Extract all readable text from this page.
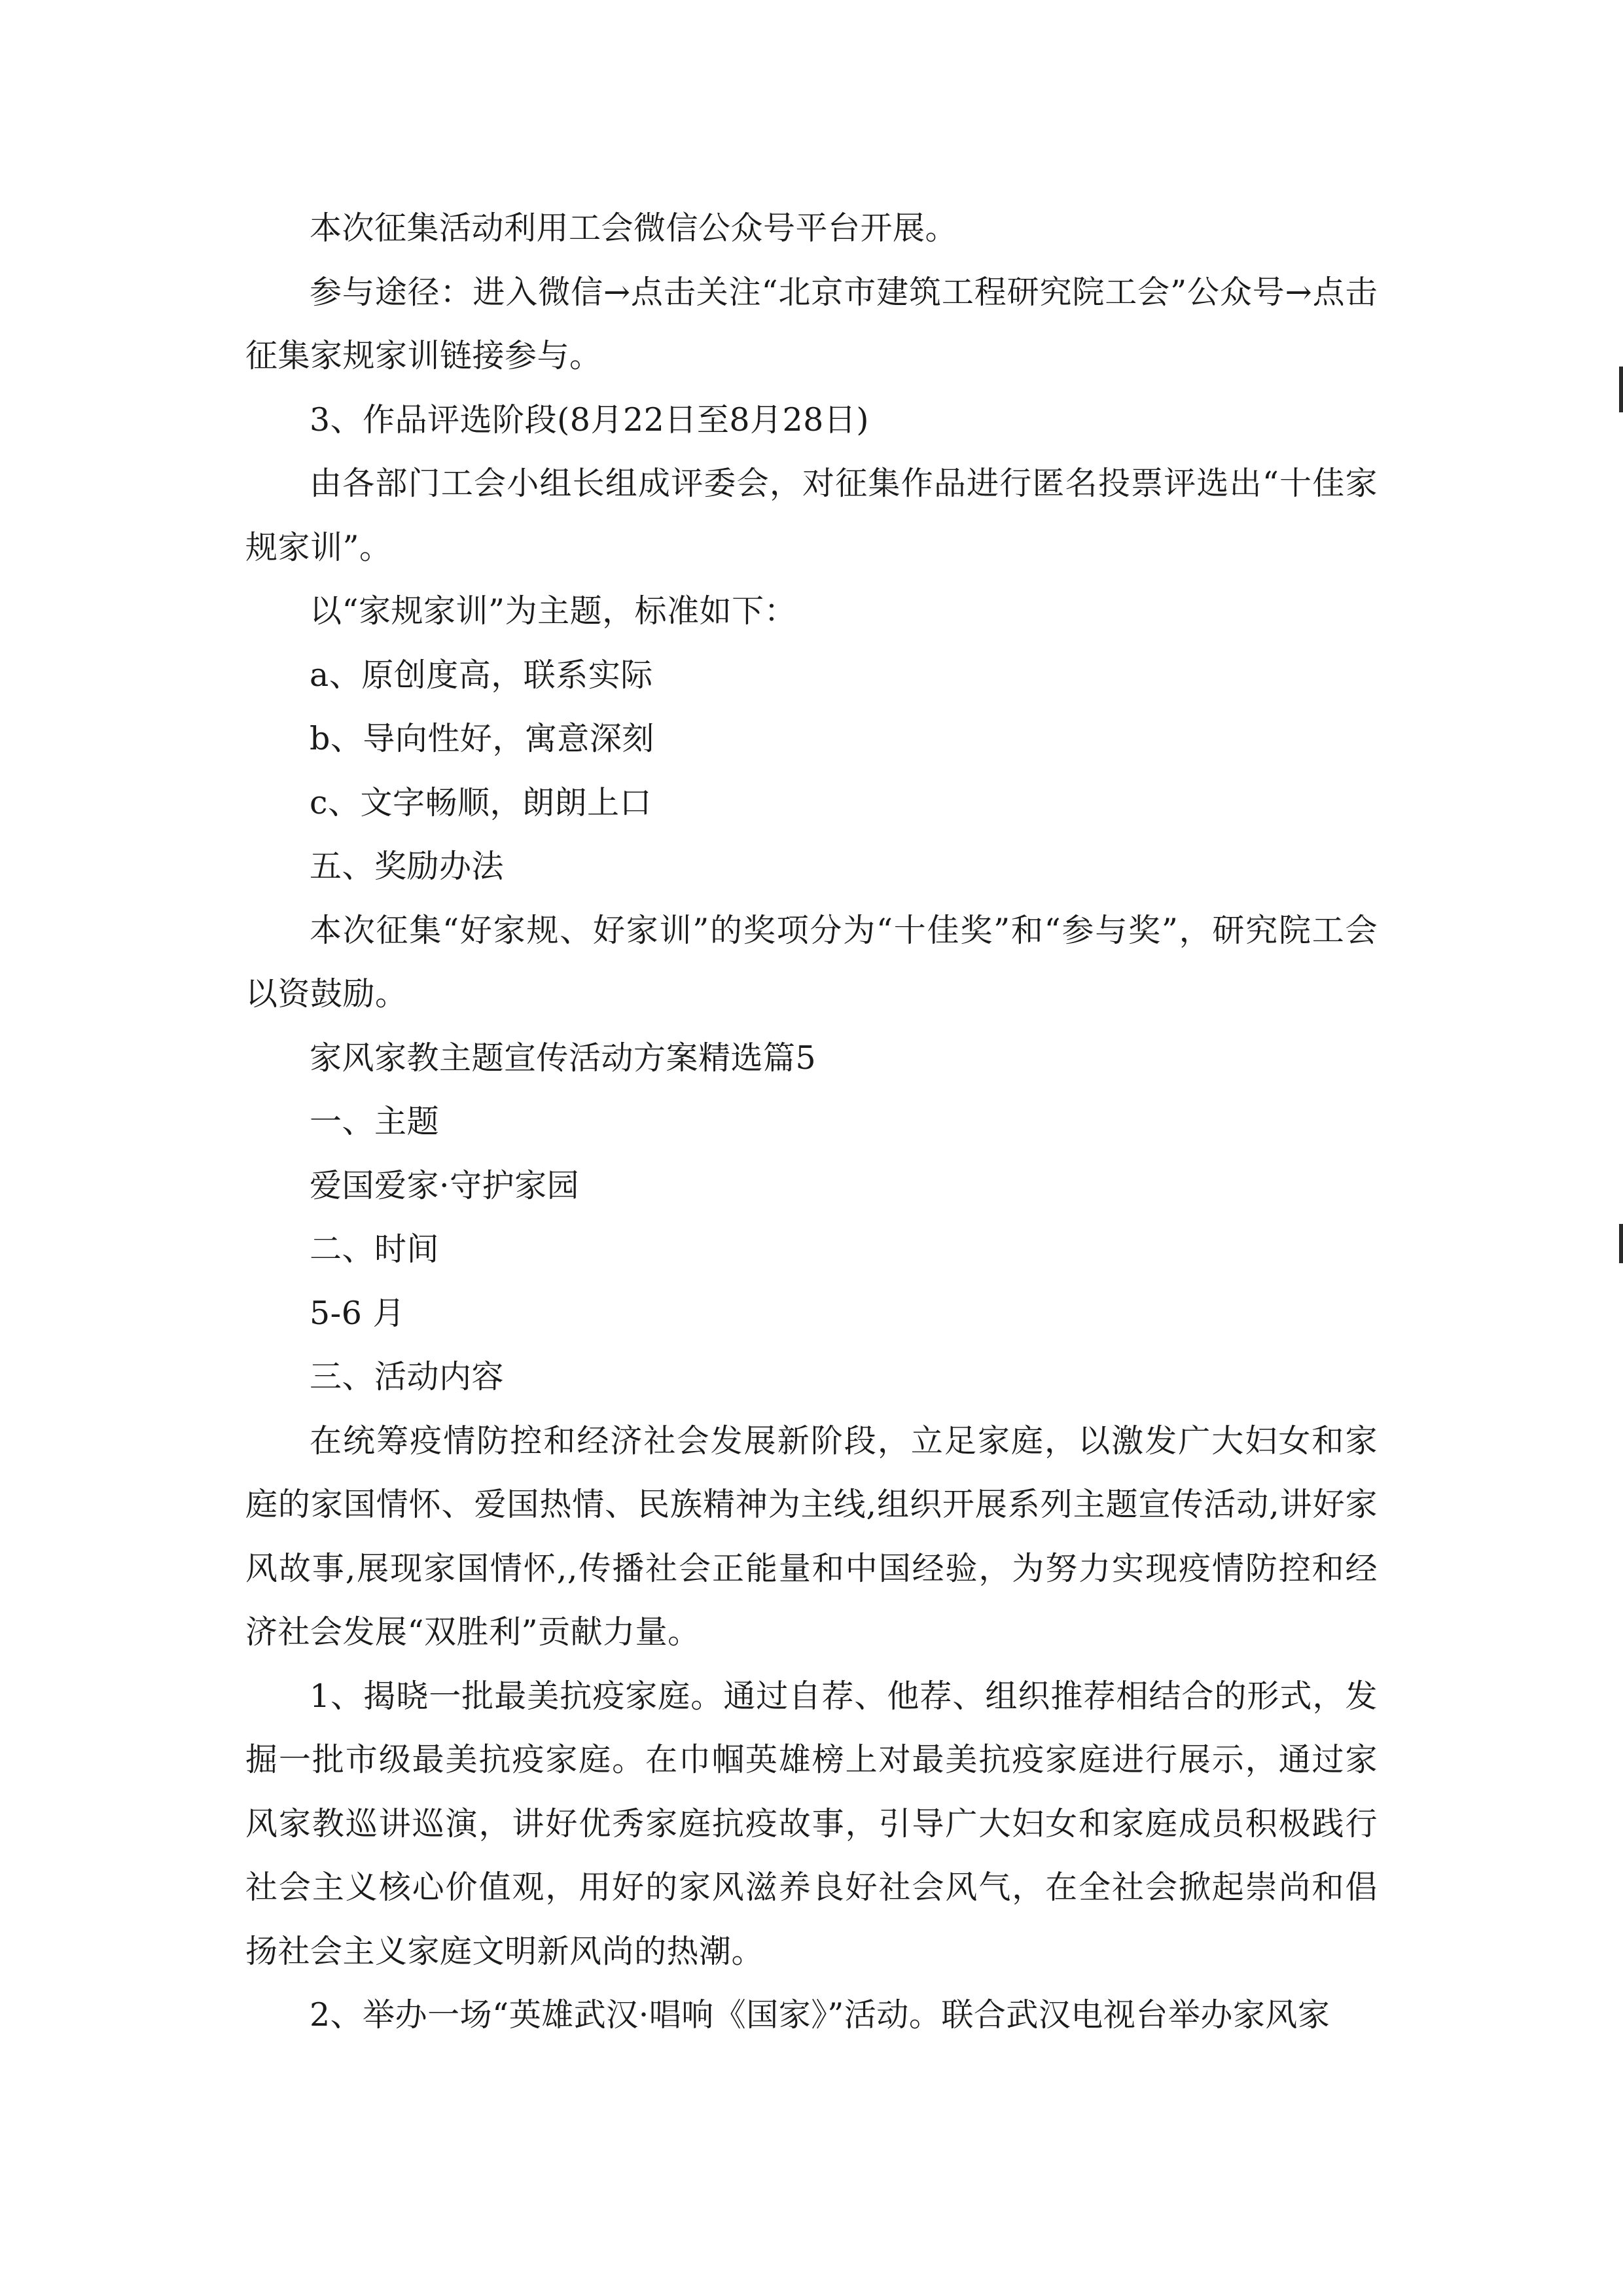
本次征集活动利用工会微信公众号平台开展。

参与途径：进入微信→点击关注“北京市建筑工程研究院工会”公众号→点击征集家规家训链接参与。

3、作品评选阶段(8月22日至8月28日)

由各部门工会小组长组成评委会，对征集作品进行匿名投票评选出“十佳家规家训”。

以“家规家训”为主题，标准如下：

a、原创度高，联系实际

b、导向性好，寓意深刻

c、文字畅顺，朗朗上口

五、奖励办法

本次征集“好家规、好家训”的奖项分为“十佳奖”和“参与奖”，研究院工会以资鼓励。

家风家教主题宣传活动方案精选篇5

一、主题

爱国爱家·守护家园

二、时间

5-6 月

三、活动内容

在统筹疫情防控和经济社会发展新阶段，立足家庭，以激发广大妇女和家庭的家国情怀、爱国热情、民族精神为主线,组织开展系列主题宣传活动,讲好家风故事,展现家国情怀,,传播社会正能量和中国经验，为努力实现疫情防控和经济社会发展“双胜利”贡献力量。

1、揭晓一批最美抗疫家庭。通过自荐、他荐、组织推荐相结合的形式，发掘一批市级最美抗疫家庭。在巾帼英雄榜上对最美抗疫家庭进行展示，通过家风家教巡讲巡演，讲好优秀家庭抗疫故事，引导广大妇女和家庭成员积极践行社会主义核心价值观，用好的家风滋养良好社会风气，在全社会掀起崇尚和倡扬社会主义家庭文明新风尚的热潮。

2、举办一场“英雄武汉·唱响《国家》”活动。联合武汉电视台举办家风家
